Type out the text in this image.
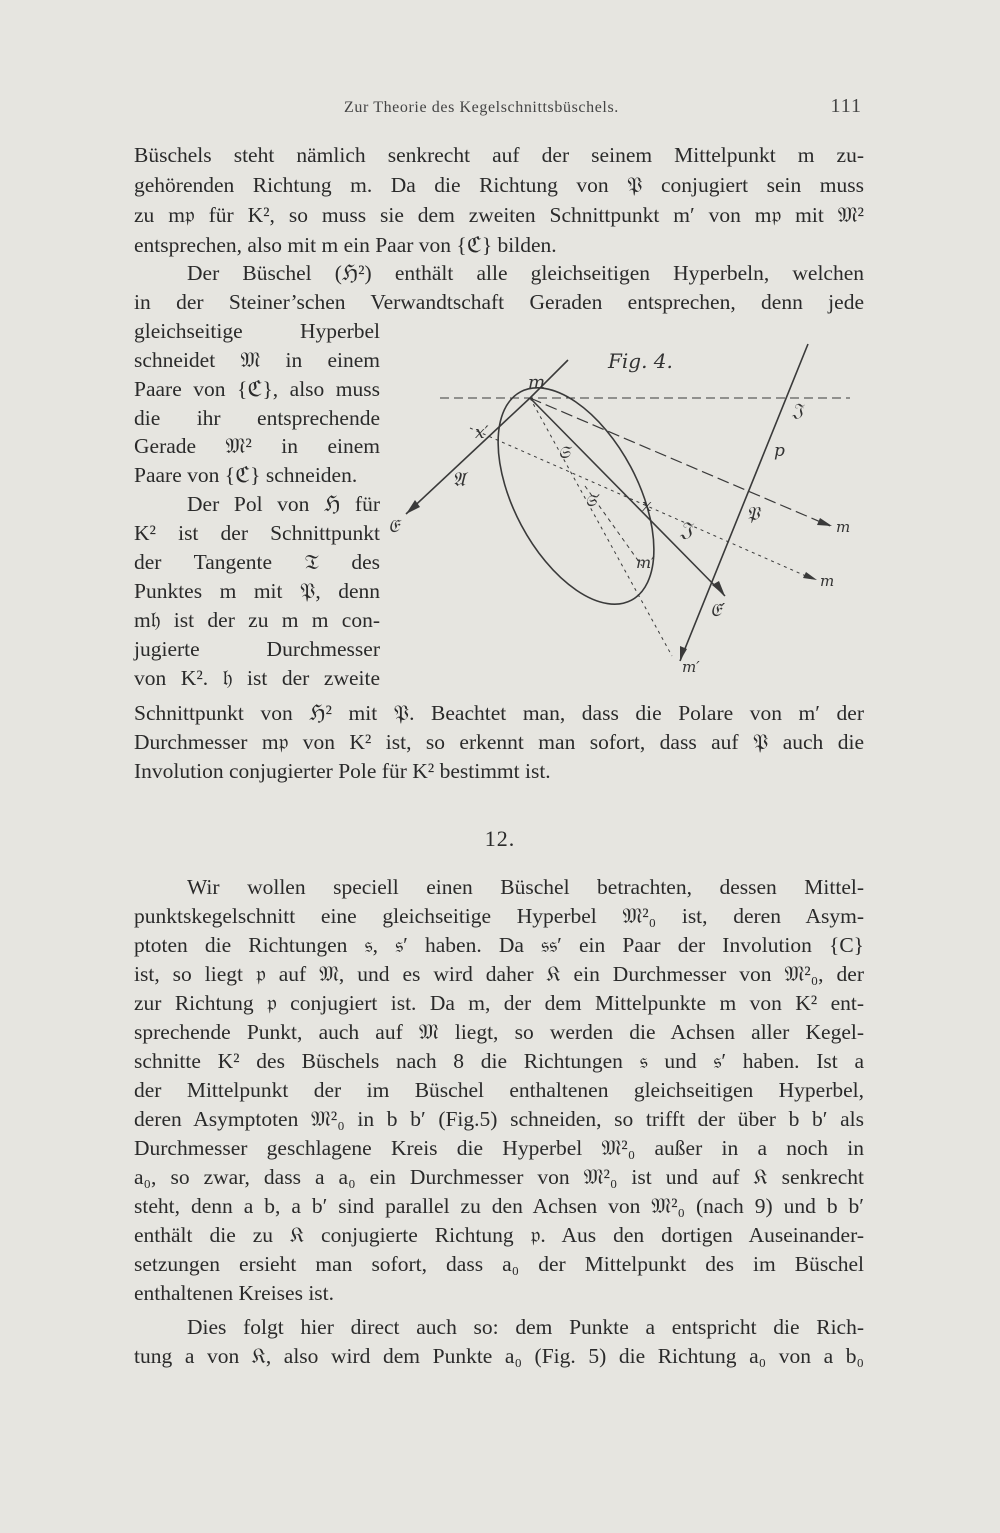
Zur Theorie des Kegelschnittsbüschels.	111
Büschels steht nämlich senkrecht auf der seinem Mittelpunkt m zu-
gehörenden Richtung m. Da die Richtung von 𝔓 conjugiert sein muss
zu m𝔭 für K², so muss sie dem zweiten Schnittpunkt m′ von m𝔭 mit 𝔐²
entsprechen, also mit m ein Paar von {ℭ} bilden.
Der Büschel (ℌ²) enthält alle gleichseitigen Hyperbeln, welchen
in der Steiner’schen Verwandtschaft Geraden entsprechen, denn jede
gleichseitige Hyperbel
schneidet 𝔐 in einem
Paare von {ℭ}, also muss
die ihr entsprechende
Gerade 𝔐² in einem
Paare von {ℭ} schneiden.
Der Pol von ℌ für
K² ist der Schnittpunkt
der Tangente 𝔗 des
Punktes m mit 𝔓, denn
m𝔥 ist der zu m m con-
jugierte Durchmesser
von K². 𝔥 ist der zweite
Fig. 4.
m
x′
𝔄
𝔈
𝔖
𝔖′ x
𝔍
m′
𝔈′
𝔍
p
𝔓
m
m
m′
Schnittpunkt von ℌ² mit 𝔓. Beachtet man, dass die Polare von m′ der
Durchmesser m𝔭 von K² ist, so erkennt man sofort, dass auf 𝔓 auch die
Involution conjugierter Pole für K² bestimmt ist.
12.
Wir wollen speciell einen Büschel betrachten, dessen Mittel-
punktskegelschnitt eine gleichseitige Hyperbel 𝔐²₀ ist, deren Asym-
ptoten die Richtungen 𝔰, 𝔰′ haben. Da 𝔰𝔰′ ein Paar der Involution {C}
ist, so liegt 𝔭 auf 𝔐, und es wird daher 𝔎 ein Durchmesser von 𝔐²₀, der
zur Richtung 𝔭 conjugiert ist. Da m, der dem Mittelpunkte m von K² ent-
sprechende Punkt, auch auf 𝔐 liegt, so werden die Achsen aller Kegel-
schnitte K² des Büschels nach 8 die Richtungen 𝔰 und 𝔰′ haben. Ist a
der Mittelpunkt der im Büschel enthaltenen gleichseitigen Hyperbel,
deren Asymptoten 𝔐²₀ in b b′ (Fig.5) schneiden, so trifft der über b b′ als
Durchmesser geschlagene Kreis die Hyperbel 𝔐²₀ außer in a noch in
a₀, so zwar, dass a a₀ ein Durchmesser von 𝔐²₀ ist und auf 𝔎 senkrecht
steht, denn a b, a b′ sind parallel zu den Achsen von 𝔐²₀ (nach 9) und b b′
enthält die zu 𝔎 conjugierte Richtung 𝔭. Aus den dortigen Auseinander-
setzungen ersieht man sofort, dass a₀ der Mittelpunkt des im Büschel
enthaltenen Kreises ist.
Dies folgt hier direct auch so: dem Punkte a entspricht die Rich-
tung a von 𝔎, also wird dem Punkte a₀ (Fig. 5) die Richtung a₀ von a b₀
